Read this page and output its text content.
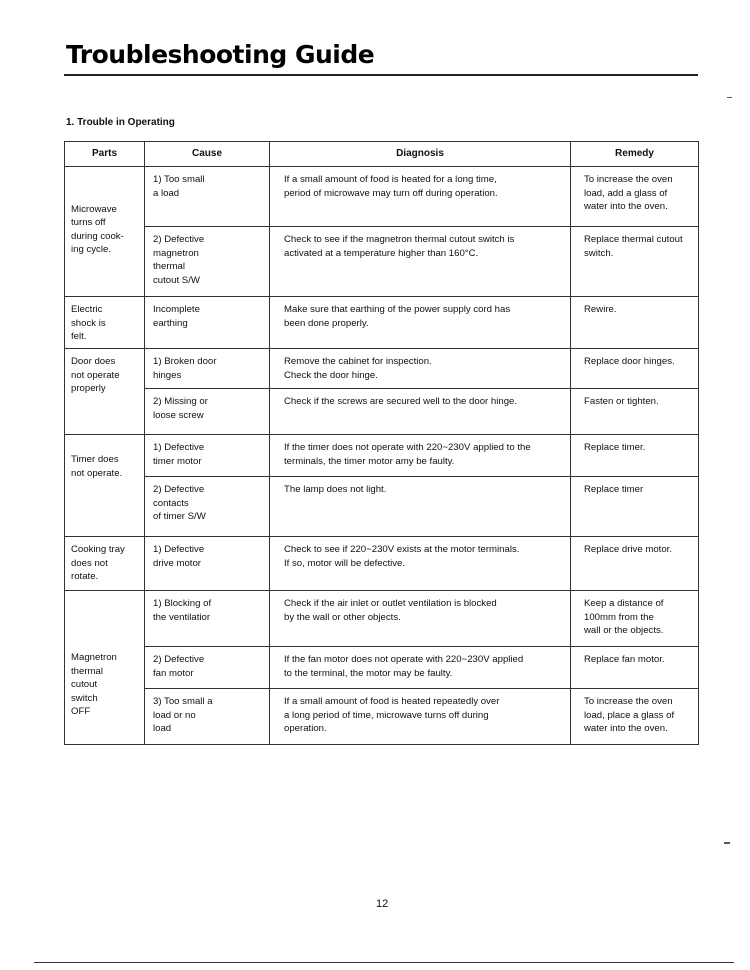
Troubleshooting Guide
1. Trouble in Operating
Parts	Cause	Diagnosis	Remedy

Microwave
turns off
during cook-
ing cycle.	1) Too small
a load	If a small amount of food is heated for a long time,
period of microwave may turn off during operation.	To increase the oven
load, add a glass of
water into the oven.

	2) Defective
magnetron
thermal
cutout S/W	Check to see if the magnetron thermal cutout switch is
activated at a temperature higher than 160°C.	Replace thermal cutout
switch.

Electric
shock is
felt.	Incomplete
earthing	Make sure that earthing of the power supply cord has
been done properly.	Rewire.

Door does
not operate
properly	1) Broken door
hinges	Remove the cabinet for inspection.
Check the door hinge.	Replace door hinges.

	2) Missing or
loose screw	Check if the screws are secured well to the door hinge.	Fasten or tighten.

Timer does
not operate.	1) Defective
timer motor	If the timer does not operate with 220~230V applied to the
terminals, the timer motor amy be faulty.	Replace timer.

	2) Defective
contacts
of timer S/W	The lamp does not light.	Replace timer

Cooking tray
does not
rotate.	1) Defective
drive motor	Check to see if 220~230V exists at the motor terminals.
If so, motor will be defective.	Replace drive motor.

Magnetron
thermal
cutout
switch
OFF	1) Blocking of
the ventilatior	Check if the air inlet or outlet ventilation is blocked
by the wall or other objects.	Keep a distance of
100mm from the
wall or the objects.

	2) Defective
fan motor	If the fan motor does not operate with 220~230V applied
to the terminal, the motor may be faulty.	Replace fan motor.

	3) Too small a
load or no
load	If a small amount of food is heated repeatedly over
a long period of time, microwave turns off during
operation.	To increase the oven
load, place a glass of
water into the oven.
12
